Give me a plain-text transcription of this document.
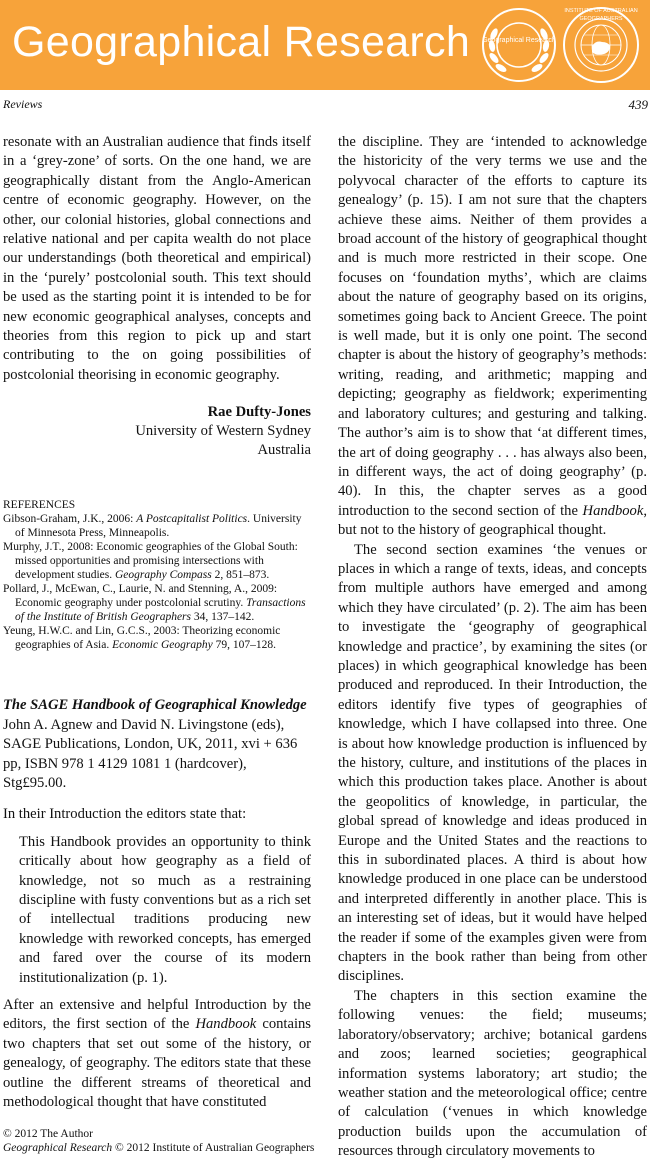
Geographical Research	Geographical Research
INSTITUTE OF AUSTRALIAN GEOGRAPHERS
Reviews	439

resonate with an Australian audience that finds itself in a ‘grey-zone’ of sorts. On the one hand, we are geographically distant from the Anglo-American centre of economic geography. However, on the other, our colonial histories, global connections and relative national and per capita wealth do not place our understandings (both theoretical and empirical) in the ‘purely’ postcolonial south. This text should be used as the starting point it is intended to be for new economic geographical analyses, concepts and theories from this region to pick up and start contributing to the on going possibilities of postcolonial theorising in economic geography.

Rae Dufty-Jones
University of Western Sydney
Australia
REFERENCES

Gibson-Graham, J.K., 2006: A Postcapitalist Politics. University of Minnesota Press, Minneapolis.

Murphy, J.T., 2008: Economic geographies of the Global South: missed opportunities and promising intersections with development studies. Geography Compass 2, 851–873.

Pollard, J., McEwan, C., Laurie, N. and Stenning, A., 2009: Economic geography under postcolonial scrutiny. Transactions of the Institute of British Geographers 34, 137–142.

Yeung, H.W.C. and Lin, G.C.S., 2003: Theorizing economic geographies of Asia. Economic Geography 79, 107–128.

The SAGE Handbook of Geographical Knowledge

John A. Agnew and David N. Livingstone (eds), SAGE Publications, London, UK, 2011, xvi + 636 pp, ISBN 978 1 4129 1081 1 (hardcover), Stg£95.00.

In their Introduction the editors state that:

This Handbook provides an opportunity to think critically about how geography as a field of knowledge, not so much as a restraining discipline with fusty conventions but as a rich set of intellectual traditions producing new knowledge with reworked concepts, has emerged and fared over the course of its modern institutionalization (p. 1).

After an extensive and helpful Introduction by the editors, the first section of the Handbook contains two chapters that set out some of the history, or genealogy, of geography. The editors state that these outline the different streams of theoretical and methodological thought that have constituted

the discipline. They are ‘intended to acknowledge the historicity of the very terms we use and the polyvocal character of the efforts to capture its genealogy’ (p. 15). I am not sure that the chapters achieve these aims. Neither of them provides a broad account of the history of geographical thought and is much more restricted in their scope. One focuses on ‘foundation myths’, which are claims about the nature of geography based on its origins, sometimes going back to Ancient Greece. The point is well made, but it is only one point. The second chapter is about the history of geography’s methods: writing, reading, and arithmetic; mapping and depicting; geography as fieldwork; experimenting and laboratory cultures; and gesturing and talking. The author’s aim is to show that ‘at different times, the art of doing geography . . . has always also been, in different ways, the act of doing geography’ (p. 40). In this, the chapter serves as a good introduction to the second section of the Handbook, but not to the history of geographical thought.

The second section examines ‘the venues or places in which a range of texts, ideas, and concepts from multiple authors have emerged and among which they have circulated’ (p. 2). The aim has been to investigate the ‘geography of geographical knowledge and practice’, by examining the sites (or places) in which geographical knowledge has been produced and reproduced. In their Introduction, the editors identify five types of geographies of knowledge, which I have collapsed into three. One is about how knowledge production is influenced by the history, culture, and institutions of the places in which this production takes place. Another is about the geopolitics of knowledge, in particular, the global spread of knowledge and ideas produced in Europe and the United States and the reactions to this in subordinated places. A third is about how knowledge produced in one place can be understood and interpreted differently in another place. This is an interesting set of ideas, but it would have helped the reader if some of the examples given were from chapters in the book rather than being from other disciplines.

The chapters in this section examine the following venues: the field; museums; laboratory/observatory; archive; botanical gardens and zoos; learned societies; geographical information systems laboratory; art studio; the weather station and the meteorological office; centre of calculation (‘venues in which knowledge production builds upon the accumulation of resources through circulatory movements to

© 2012 The Author
Geographical Research © 2012 Institute of Australian Geographers
